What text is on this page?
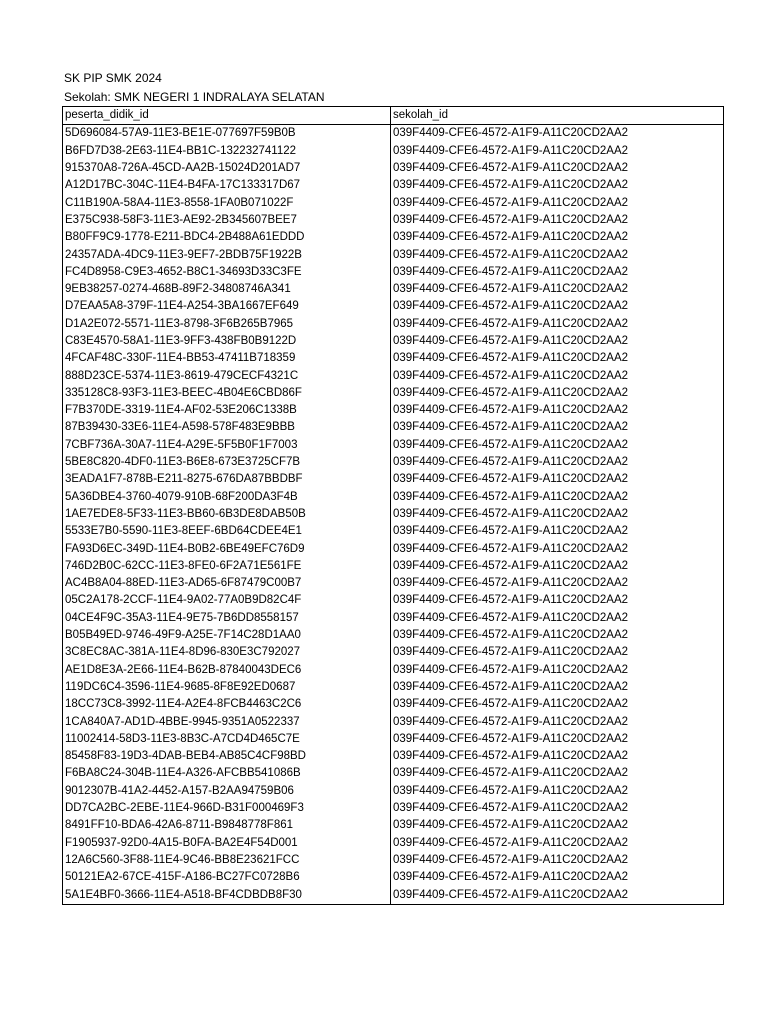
SK PIP SMK 2024
Sekolah: SMK NEGERI 1 INDRALAYA SELATAN
peserta_didik_id	sekolah_id
5D696084-57A9-11E3-BE1E-077697F59B0B	039F4409-CFE6-4572-A1F9-A11C20CD2AA2
B6FD7D38-2E63-11E4-BB1C-132232741122	039F4409-CFE6-4572-A1F9-A11C20CD2AA2
915370A8-726A-45CD-AA2B-15024D201AD7	039F4409-CFE6-4572-A1F9-A11C20CD2AA2
A12D17BC-304C-11E4-B4FA-17C133317D67	039F4409-CFE6-4572-A1F9-A11C20CD2AA2
C11B190A-58A4-11E3-8558-1FA0B071022F	039F4409-CFE6-4572-A1F9-A11C20CD2AA2
E375C938-58F3-11E3-AE92-2B345607BEE7	039F4409-CFE6-4572-A1F9-A11C20CD2AA2
B80FF9C9-1778-E211-BDC4-2B488A61EDDD	039F4409-CFE6-4572-A1F9-A11C20CD2AA2
24357ADA-4DC9-11E3-9EF7-2BDB75F1922B	039F4409-CFE6-4572-A1F9-A11C20CD2AA2
FC4D8958-C9E3-4652-B8C1-34693D33C3FE	039F4409-CFE6-4572-A1F9-A11C20CD2AA2
9EB38257-0274-468B-89F2-34808746A341	039F4409-CFE6-4572-A1F9-A11C20CD2AA2
D7EAA5A8-379F-11E4-A254-3BA1667EF649	039F4409-CFE6-4572-A1F9-A11C20CD2AA2
D1A2E072-5571-11E3-8798-3F6B265B7965	039F4409-CFE6-4572-A1F9-A11C20CD2AA2
C83E4570-58A1-11E3-9FF3-438FB0B9122D	039F4409-CFE6-4572-A1F9-A11C20CD2AA2
4FCAF48C-330F-11E4-BB53-47411B718359	039F4409-CFE6-4572-A1F9-A11C20CD2AA2
888D23CE-5374-11E3-8619-479CECF4321C	039F4409-CFE6-4572-A1F9-A11C20CD2AA2
335128C8-93F3-11E3-BEEC-4B04E6CBD86F	039F4409-CFE6-4572-A1F9-A11C20CD2AA2
F7B370DE-3319-11E4-AF02-53E206C1338B	039F4409-CFE6-4572-A1F9-A11C20CD2AA2
87B39430-33E6-11E4-A598-578F483E9BBB	039F4409-CFE6-4572-A1F9-A11C20CD2AA2
7CBF736A-30A7-11E4-A29E-5F5B0F1F7003	039F4409-CFE6-4572-A1F9-A11C20CD2AA2
5BE8C820-4DF0-11E3-B6E8-673E3725CF7B	039F4409-CFE6-4572-A1F9-A11C20CD2AA2
3EADA1F7-878B-E211-8275-676DA87BBDBF	039F4409-CFE6-4572-A1F9-A11C20CD2AA2
5A36DBE4-3760-4079-910B-68F200DA3F4B	039F4409-CFE6-4572-A1F9-A11C20CD2AA2
1AE7EDE8-5F33-11E3-BB60-6B3DE8DAB50B	039F4409-CFE6-4572-A1F9-A11C20CD2AA2
5533E7B0-5590-11E3-8EEF-6BD64CDEE4E1	039F4409-CFE6-4572-A1F9-A11C20CD2AA2
FA93D6EC-349D-11E4-B0B2-6BE49EFC76D9	039F4409-CFE6-4572-A1F9-A11C20CD2AA2
746D2B0C-62CC-11E3-8FE0-6F2A71E561FE	039F4409-CFE6-4572-A1F9-A11C20CD2AA2
AC4B8A04-88ED-11E3-AD65-6F87479C00B7	039F4409-CFE6-4572-A1F9-A11C20CD2AA2
05C2A178-2CCF-11E4-9A02-77A0B9D82C4F	039F4409-CFE6-4572-A1F9-A11C20CD2AA2
04CE4F9C-35A3-11E4-9E75-7B6DD8558157	039F4409-CFE6-4572-A1F9-A11C20CD2AA2
B05B49ED-9746-49F9-A25E-7F14C28D1AA0	039F4409-CFE6-4572-A1F9-A11C20CD2AA2
3C8EC8AC-381A-11E4-8D96-830E3C792027	039F4409-CFE6-4572-A1F9-A11C20CD2AA2
AE1D8E3A-2E66-11E4-B62B-87840043DEC6	039F4409-CFE6-4572-A1F9-A11C20CD2AA2
119DC6C4-3596-11E4-9685-8F8E92ED0687	039F4409-CFE6-4572-A1F9-A11C20CD2AA2
18CC73C8-3992-11E4-A2E4-8FCB4463C2C6	039F4409-CFE6-4572-A1F9-A11C20CD2AA2
1CA840A7-AD1D-4BBE-9945-9351A0522337	039F4409-CFE6-4572-A1F9-A11C20CD2AA2
11002414-58D3-11E3-8B3C-A7CD4D465C7E	039F4409-CFE6-4572-A1F9-A11C20CD2AA2
85458F83-19D3-4DAB-BEB4-AB85C4CF98BD	039F4409-CFE6-4572-A1F9-A11C20CD2AA2
F6BA8C24-304B-11E4-A326-AFCBB541086B	039F4409-CFE6-4572-A1F9-A11C20CD2AA2
9012307B-41A2-4452-A157-B2AA94759B06	039F4409-CFE6-4572-A1F9-A11C20CD2AA2
DD7CA2BC-2EBE-11E4-966D-B31F000469F3	039F4409-CFE6-4572-A1F9-A11C20CD2AA2
8491FF10-BDA6-42A6-8711-B9848778F861	039F4409-CFE6-4572-A1F9-A11C20CD2AA2
F1905937-92D0-4A15-B0FA-BA2E4F54D001	039F4409-CFE6-4572-A1F9-A11C20CD2AA2
12A6C560-3F88-11E4-9C46-BB8E23621FCC	039F4409-CFE6-4572-A1F9-A11C20CD2AA2
50121EA2-67CE-415F-A186-BC27FC0728B6	039F4409-CFE6-4572-A1F9-A11C20CD2AA2
5A1E4BF0-3666-11E4-A518-BF4CDBDB8F30	039F4409-CFE6-4572-A1F9-A11C20CD2AA2
